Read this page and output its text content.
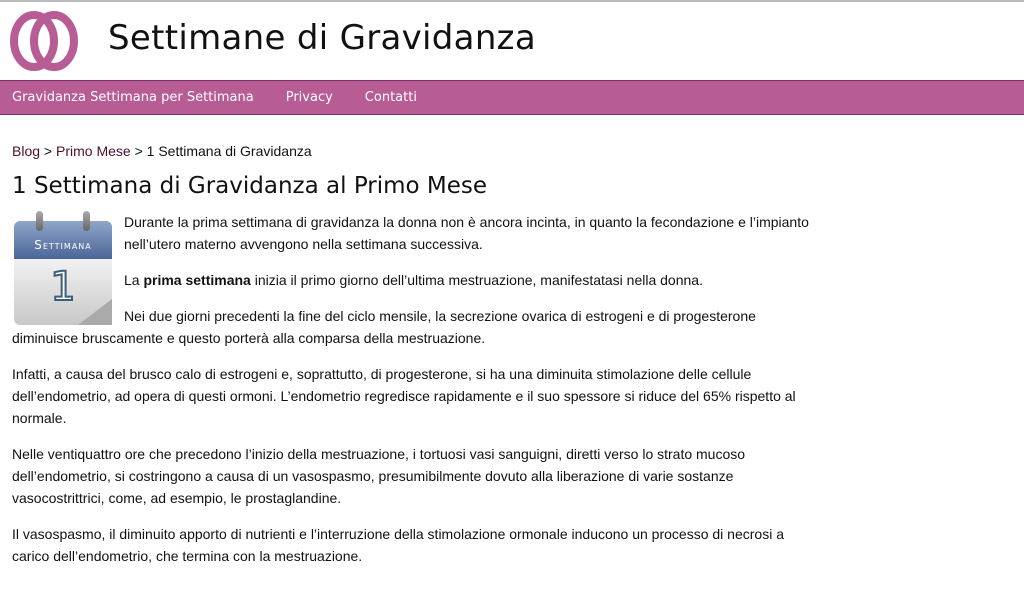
Settimane di Gravidanza
Gravidanza Settimana per Settimana Privacy Contatti
Blog > Primo Mese > 1 Settimana di Gravidanza
1 Settimana di Gravidanza al Primo Mese
Settimana
1

Durante la prima settimana di gravidanza la donna non è ancora incinta, in quanto la fecondazione e l’impianto nell’utero materno avvengono nella settimana successiva.

La prima settimana inizia il primo giorno dell’ultima mestruazione, manifestatasi nella donna.

Nei due giorni precedenti la fine del ciclo mensile, la secrezione ovarica di estrogeni e di progesterone diminuisce bruscamente e questo porterà alla comparsa della mestruazione.

Infatti, a causa del brusco calo di estrogeni e, soprattutto, di progesterone, si ha una diminuita stimolazione delle cellule dell’endometrio, ad opera di questi ormoni. L’endometrio regredisce rapidamente e il suo spessore si riduce del 65% rispetto al normale.

Nelle ventiquattro ore che precedono l’inizio della mestruazione, i tortuosi vasi sanguigni, diretti verso lo strato mucoso dell’endometrio, si costringono a causa di un vasospasmo, presumibilmente dovuto alla liberazione di varie sostanze vasocostrittrici, come, ad esempio, le prostaglandine.

Il vasospasmo, il diminuito apporto di nutrienti e l’interruzione della stimolazione ormonale inducono un processo di necrosi a carico dell’endometrio, che termina con la mestruazione.
